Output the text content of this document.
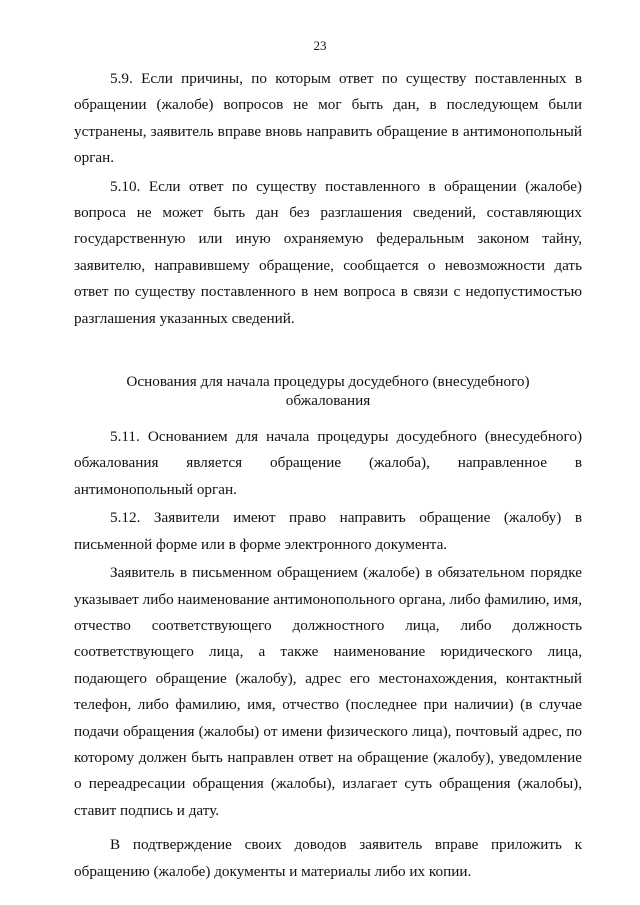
23

5.9. Если причины, по которым ответ по существу поставленных в обращении (жалобе) вопросов не мог быть дан, в последующем были устранены, заявитель вправе вновь направить обращение в антимонопольный орган.

5.10. Если ответ по существу поставленного в обращении (жалобе) вопроса не может быть дан без разглашения сведений, составляющих государственную или иную охраняемую федеральным законом тайну, заявителю, направившему обращение, сообщается о невозможности дать ответ по существу поставленного в нем вопроса в связи с недопустимостью разглашения указанных сведений.

Основания для начала процедуры досудебного (внесудебного) обжалования

5.11. Основанием для начала процедуры досудебного (внесудебного) обжалования является обращение (жалоба), направленное в антимонопольный орган.

5.12. Заявители имеют право направить обращение (жалобу) в письменной форме или в форме электронного документа.

Заявитель в письменном обращением (жалобе) в обязательном порядке указывает либо наименование антимонопольного органа, либо фамилию, имя, отчество соответствующего должностного лица, либо должность соответствующего лица, а также наименование юридического лица, подающего обращение (жалобу), адрес его местонахождения, контактный телефон, либо фамилию, имя, отчество (последнее при наличии) (в случае подачи обращения (жалобы) от имени физического лица), почтовый адрес, по которому должен быть направлен ответ на обращение (жалобу), уведомление о переадресации обращения (жалобы), излагает суть обращения (жалобы), ставит подпись и дату.

В подтверждение своих доводов заявитель вправе приложить к обращению (жалобе) документы и материалы либо их копии.
